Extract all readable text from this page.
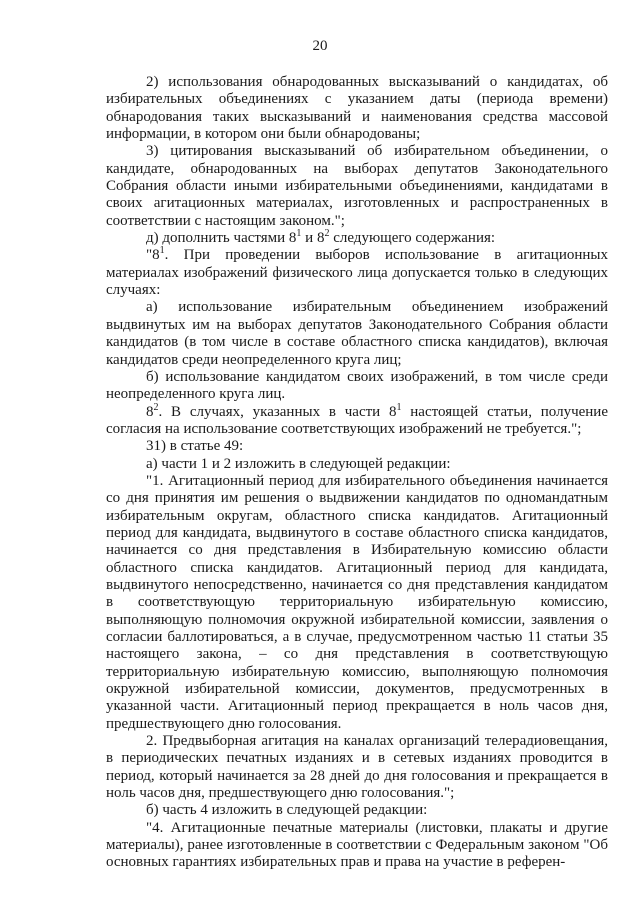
20

2) использования обнародованных высказываний о кандидатах, об избирательных объединениях с указанием даты (периода времени) обнародования таких высказываний и наименования средства массовой информации, в котором они были обнародованы;

3) цитирования высказываний об избирательном объединении, о кандидате, обнародованных на выборах депутатов Законодательного Собрания области иными избирательными объединениями, кандидатами в своих агитационных материалах, изготовленных и распространенных в соответствии с настоящим законом.";

д) дополнить частями $8^1$ и $8^2$ следующего содержания:

"$8^1$. При проведении выборов использование в агитационных материалах изображений физического лица допускается только в следующих случаях:

а) использование избирательным объединением изображений выдвинутых им на выборах депутатов Законодательного Собрания области кандидатов (в том числе в составе областного списка кандидатов), включая кандидатов среди неопределенного круга лиц;

б) использование кандидатом своих изображений, в том числе среди неопределенного круга лиц.

$8^2$. В случаях, указанных в части $8^1$ настоящей статьи, получение согласия на использование соответствующих изображений не требуется.";

31) в статье 49:

а) части 1 и 2 изложить в следующей редакции:

"1. Агитационный период для избирательного объединения начинается со дня принятия им решения о выдвижении кандидатов по одномандатным избирательным округам, областного списка кандидатов. Агитационный период для кандидата, выдвинутого в составе областного списка кандидатов, начинается со дня представления в Избирательную комиссию области областного списка кандидатов. Агитационный период для кандидата, выдвинутого непосредственно, начинается со дня представления кандидатом в соответствующую территориальную избирательную комиссию, выполняющую полномочия окружной избирательной комиссии, заявления о согласии баллотироваться, а в случае, предусмотренном частью 11 статьи 35 настоящего закона, – со дня представления в соответствующую территориальную избирательную комиссию, выполняющую полномочия окружной избирательной комиссии, документов, предусмотренных в указанной части. Агитационный период прекращается в ноль часов дня, предшествующего дню голосования.

2. Предвыборная агитация на каналах организаций телерадиовещания, в периодических печатных изданиях и в сетевых изданиях проводится в период, который начинается за 28 дней до дня голосования и прекращается в ноль часов дня, предшествующего дню голосования.";

б) часть 4 изложить в следующей редакции:

"4. Агитационные печатные материалы (листовки, плакаты и другие материалы), ранее изготовленные в соответствии с Федеральным законом "Об основных гарантиях избирательных прав и права на участие в референ-
